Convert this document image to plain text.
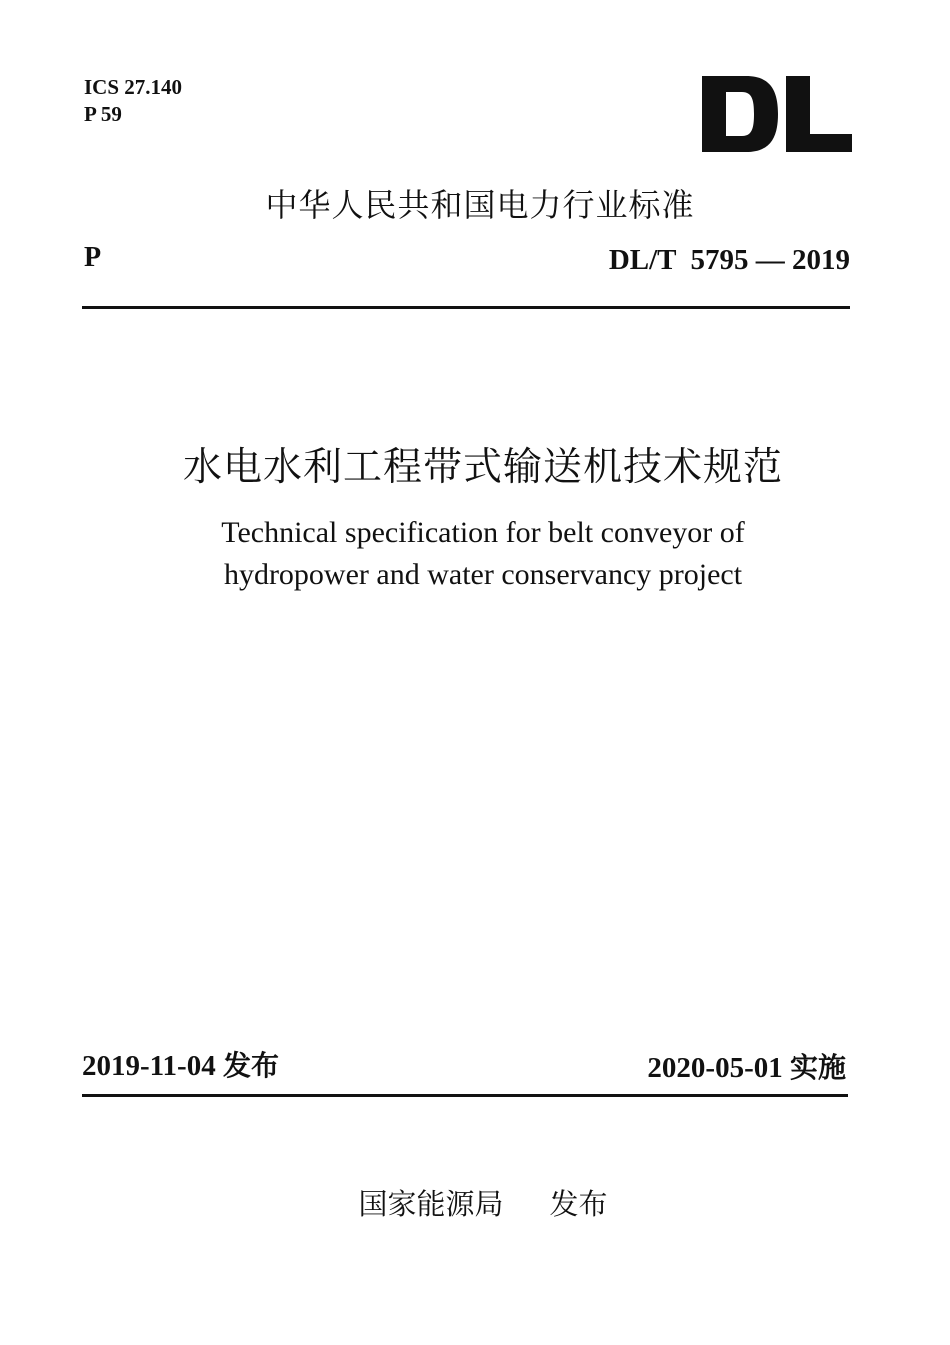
ICS 27.140
P 59
中华人民共和国电力行业标准
P	DL/T  5795 — 2019
水电水利工程带式输送机技术规范
Technical specification for belt conveyor of
hydropower and water conservancy project
2019-11-04 发布	2020-05-01 实施
国家能源局 发布
